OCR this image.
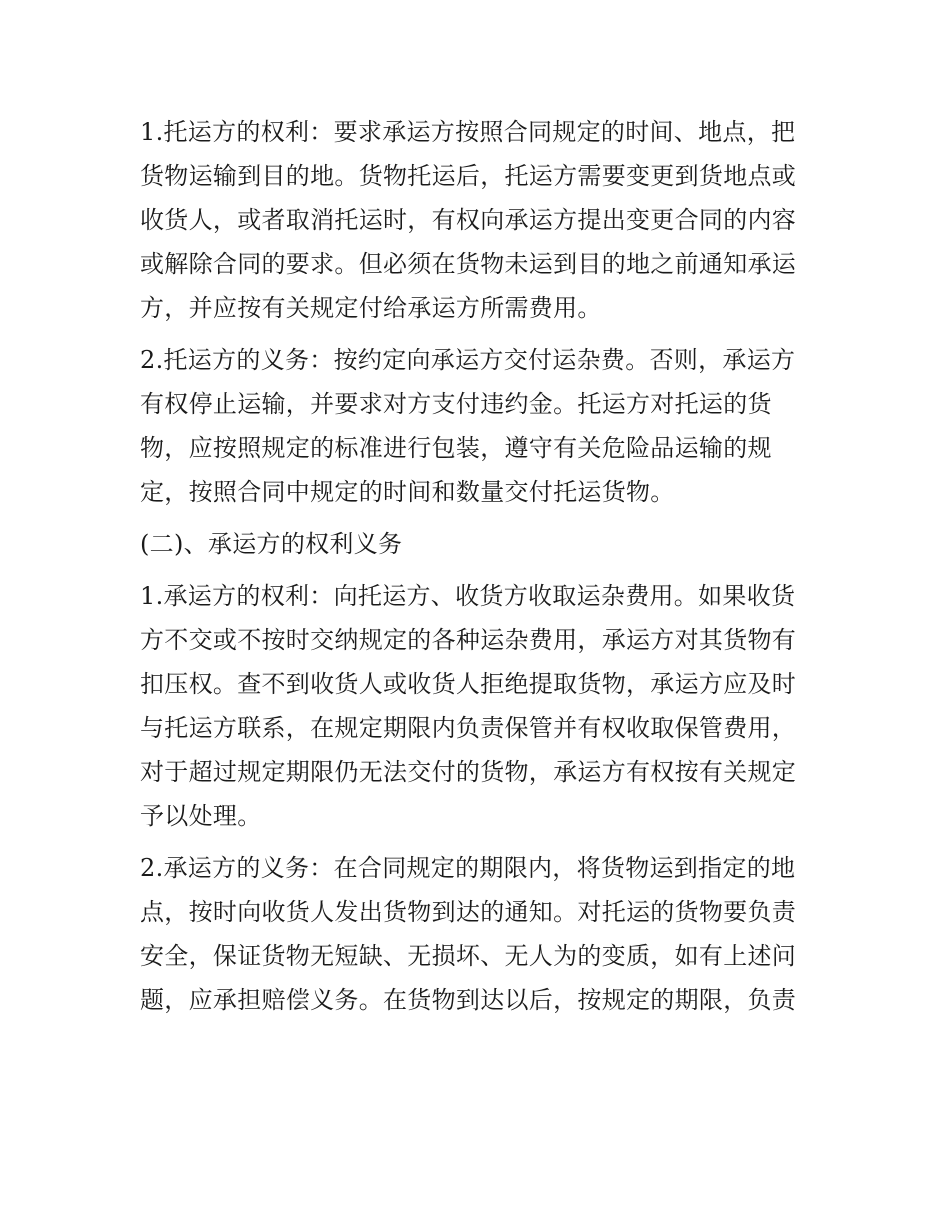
1.托运方的权利：要求承运方按照合同规定的时间、地点，把
货物运输到目的地。货物托运后，托运方需要变更到货地点或
收货人，或者取消托运时，有权向承运方提出变更合同的内容
或解除合同的要求。但必须在货物未运到目的地之前通知承运
方，并应按有关规定付给承运方所需费用。
2.托运方的义务：按约定向承运方交付运杂费。否则，承运方
有权停止运输，并要求对方支付违约金。托运方对托运的货
物，应按照规定的标准进行包装，遵守有关危险品运输的规
定，按照合同中规定的时间和数量交付托运货物。
(二)、承运方的权利义务
1.承运方的权利：向托运方、收货方收取运杂费用。如果收货
方不交或不按时交纳规定的各种运杂费用，承运方对其货物有
扣压权。查不到收货人或收货人拒绝提取货物，承运方应及时
与托运方联系，在规定期限内负责保管并有权收取保管费用，
对于超过规定期限仍无法交付的货物，承运方有权按有关规定
予以处理。
2.承运方的义务：在合同规定的期限内，将货物运到指定的地
点，按时向收货人发出货物到达的通知。对托运的货物要负责
安全，保证货物无短缺、无损坏、无人为的变质，如有上述问
题，应承担赔偿义务。在货物到达以后，按规定的期限，负责
